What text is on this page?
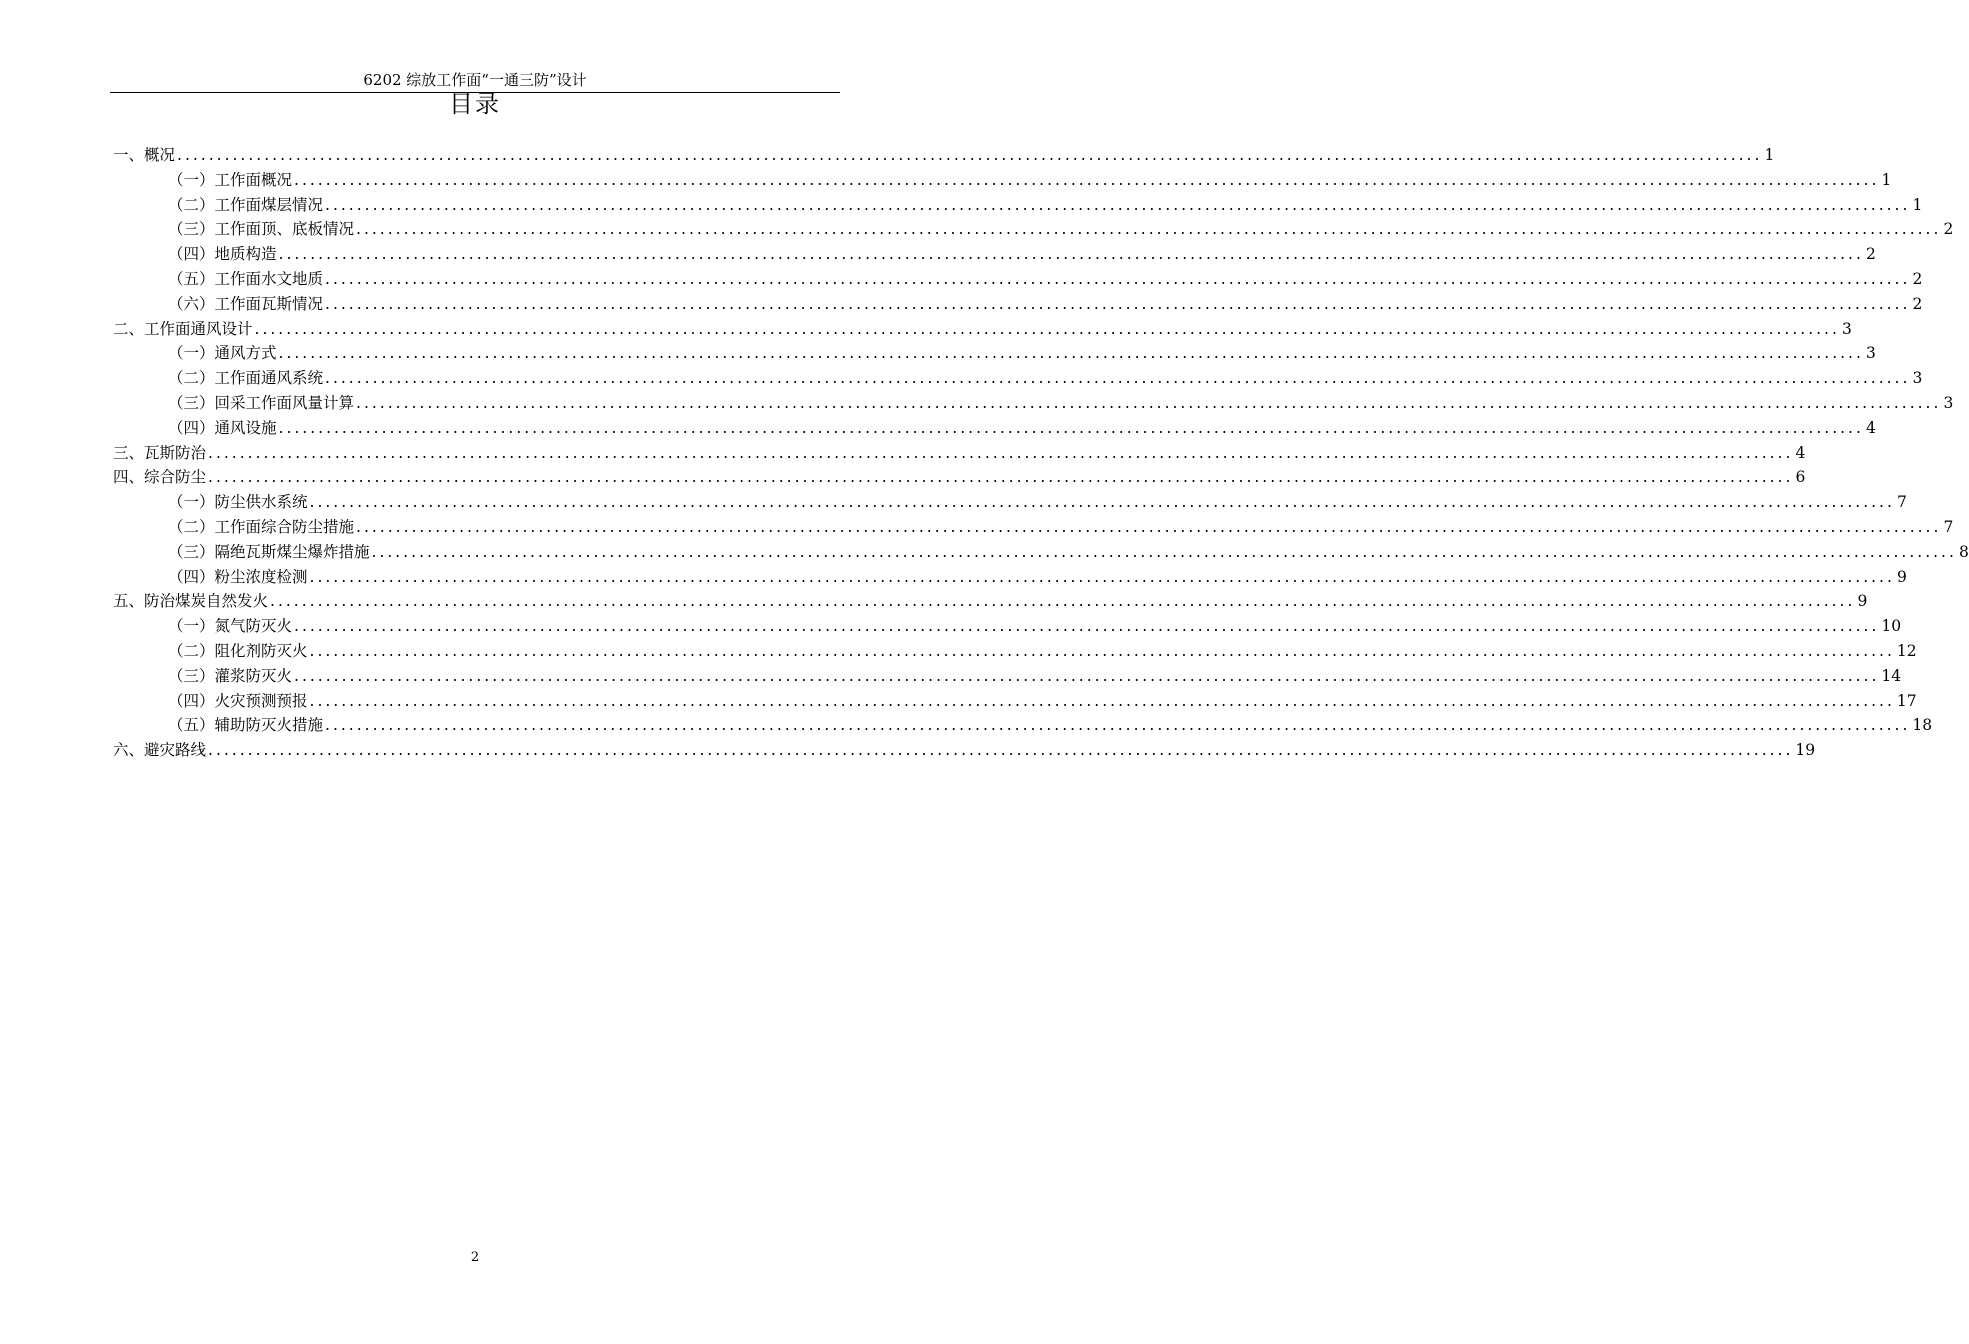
6202 综放工作面“一通三防”设计
目录
一、概况 ........................................................................................................................................................................................................ 1
（一）工作面概况 ........................................................................................................................................................................................................ 1
（二）工作面煤层情况 ........................................................................................................................................................................................................ 1
（三）工作面顶、底板情况 ........................................................................................................................................................................................................ 2
（四）地质构造 ........................................................................................................................................................................................................ 2
（五）工作面水文地质 ........................................................................................................................................................................................................ 2
（六）工作面瓦斯情况 ........................................................................................................................................................................................................ 2
二、工作面通风设计 ........................................................................................................................................................................................................ 3
（一）通风方式 ........................................................................................................................................................................................................ 3
（二）工作面通风系统 ........................................................................................................................................................................................................ 3
（三）回采工作面风量计算 ........................................................................................................................................................................................................ 3
（四）通风设施 ........................................................................................................................................................................................................ 4
三、瓦斯防治 ........................................................................................................................................................................................................ 4
四、综合防尘 ........................................................................................................................................................................................................ 6
（一）防尘供水系统 ........................................................................................................................................................................................................ 7
（二）工作面综合防尘措施 ........................................................................................................................................................................................................ 7
（三）隔绝瓦斯煤尘爆炸措施 ........................................................................................................................................................................................................ 8
（四）粉尘浓度检测 ........................................................................................................................................................................................................ 9
五、防治煤炭自然发火 ........................................................................................................................................................................................................ 9
（一）氮气防灭火 ........................................................................................................................................................................................................ 10
（二）阻化剂防灭火 ........................................................................................................................................................................................................ 12
（三）灌浆防灭火 ........................................................................................................................................................................................................ 14
（四）火灾预测预报 ........................................................................................................................................................................................................ 17
（五）辅助防灭火措施 ........................................................................................................................................................................................................ 18
六、避灾路线 ........................................................................................................................................................................................................ 19
2
